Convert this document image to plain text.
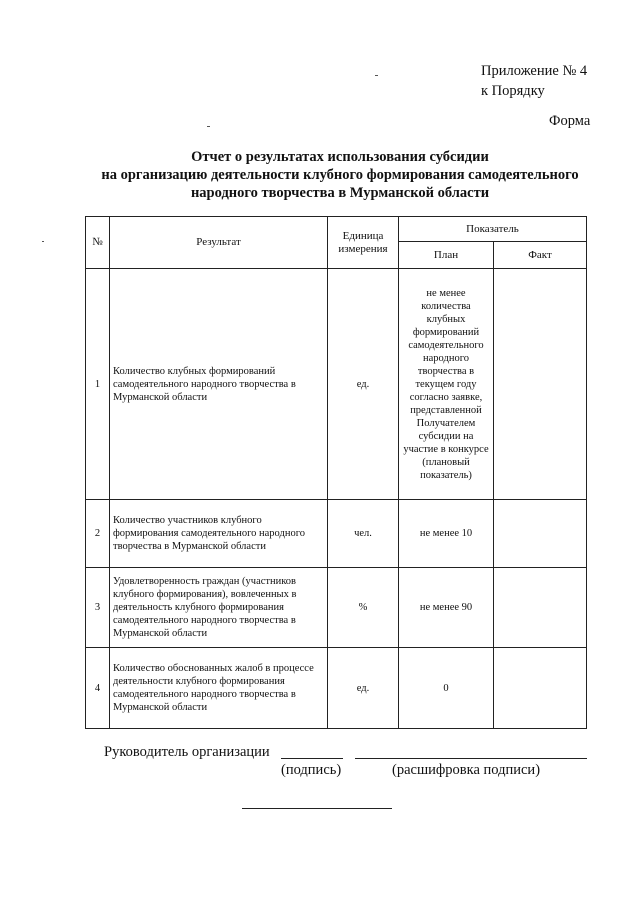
Приложение № 4
к Порядку
Форма
Отчет о результатах использования субсидии
на организацию деятельности клубного формирования самодеятельного
народного творчества в Мурманской области
№	Результат	Единица измерения	Показатель	
			План	Факт
1	Количество клубных формирований самодеятельного народного творчества в Мурманской области	ед.	не менее количества клубных формирований самодеятельного народного творчества в текущем году согласно заявке, представленной Получателем субсидии на участие в конкурсе (плановый показатель)	
2	Количество участников клубного формирования самодеятельного народного творчества в Мурманской области	чел.	не менее 10	
3	Удовлетворенность граждан (участников клубного формирования), вовлеченных в деятельность клубного формирования самодеятельного народного творчества в Мурманской области	%	не менее 90	
4	Количество обоснованных жалоб в процессе деятельности клубного формирования самодеятельного народного творчества в Мурманской области	ед.	0	
Руководитель организации
(подпись)	(расшифровка подписи)
